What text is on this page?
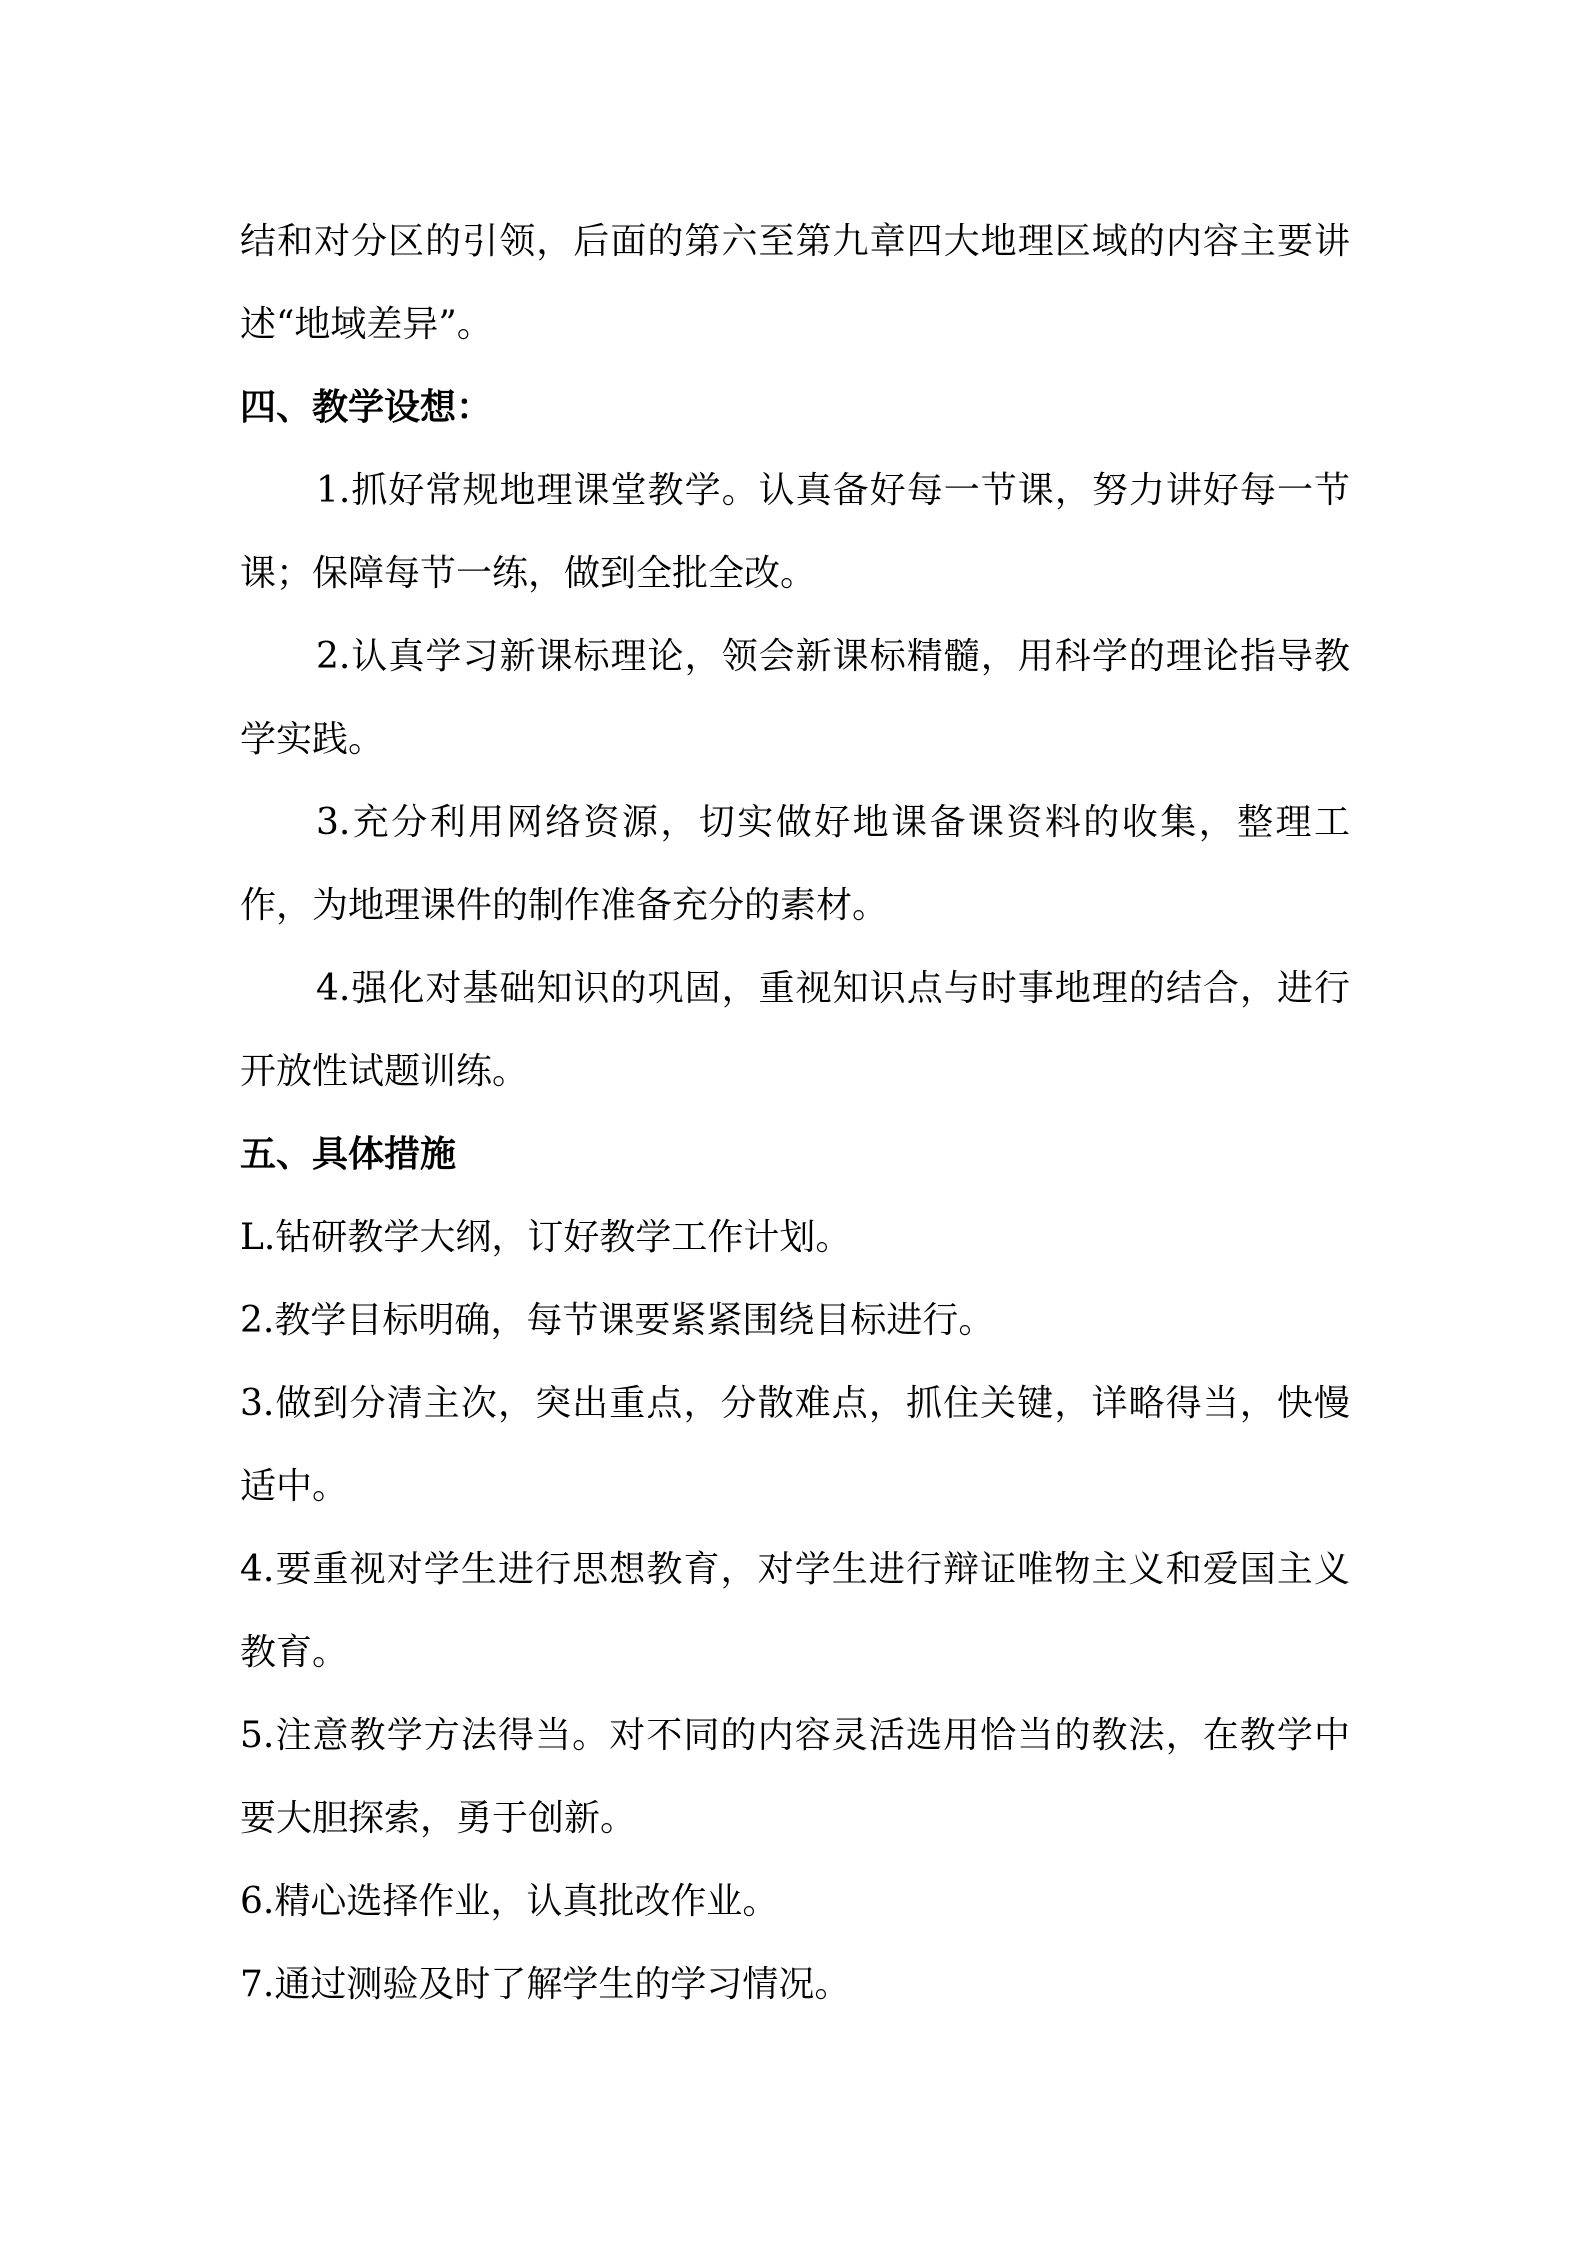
结和对分区的引领，后面的第六至第九章四大地理区域的内容主要讲述“地域差异”。

四、教学设想：

1.抓好常规地理课堂教学。认真备好每一节课，努力讲好每一节课；保障每节一练，做到全批全改。

2.认真学习新课标理论，领会新课标精髓，用科学的理论指导教学实践。

3.充分利用网络资源，切实做好地课备课资料的收集，整理工作，为地理课件的制作准备充分的素材。

4.强化对基础知识的巩固，重视知识点与时事地理的结合，进行开放性试题训练。

五、具体措施

L.钻研教学大纲，订好教学工作计划。

2.教学目标明确，每节课要紧紧围绕目标进行。

3.做到分清主次，突出重点，分散难点，抓住关键，详略得当，快慢适中。

4.要重视对学生进行思想教育，对学生进行辩证唯物主义和爱国主义教育。

5.注意教学方法得当。对不同的内容灵活选用恰当的教法，在教学中要大胆探索，勇于创新。

6.精心选择作业，认真批改作业。

7.通过测验及时了解学生的学习情况。
